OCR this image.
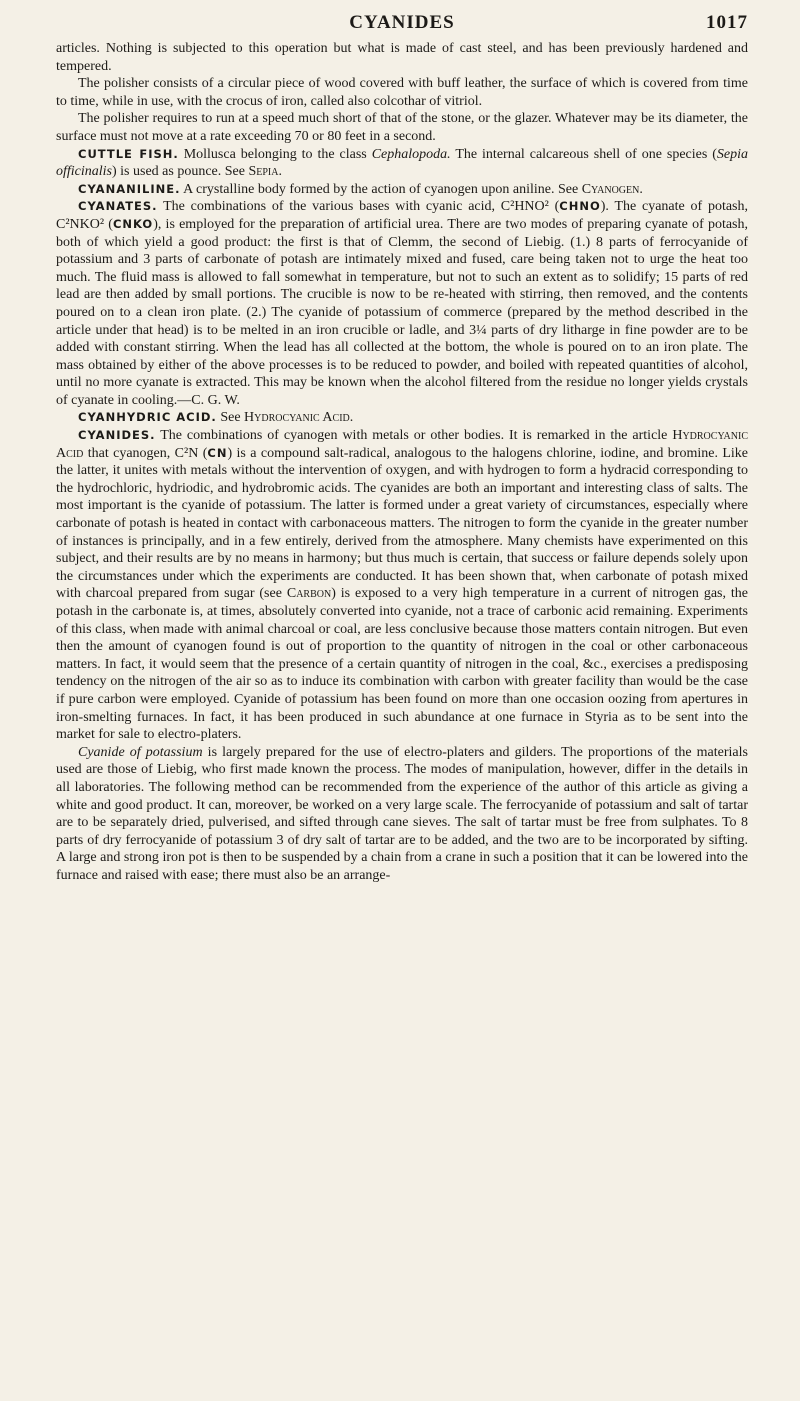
CYANIDES	1017

articles. Nothing is subjected to this operation but what is made of cast steel, and has been previously hardened and tempered.

The polisher consists of a circular piece of wood covered with buff leather, the surface of which is covered from time to time, while in use, with the crocus of iron, called also colcothar of vitriol.

The polisher requires to run at a speed much short of that of the stone, or the glazer. Whatever may be its diameter, the surface must not move at a rate exceeding 70 or 80 feet in a second.

CUTTLE FISH. Mollusca belonging to the class Cephalopoda. The internal calcareous shell of one species (Sepia officinalis) is used as pounce. See Sepia.

CYANANILINE. A crystalline body formed by the action of cyanogen upon aniline. See Cyanogen.

CYANATES. The combinations of the various bases with cyanic acid, C²HNO² (CHNO). The cyanate of potash, C²NKO² (CNKO), is employed for the preparation of artificial urea. There are two modes of preparing cyanate of potash, both of which yield a good product: the first is that of Clemm, the second of Liebig. (1.) 8 parts of ferrocyanide of potassium and 3 parts of carbonate of potash are intimately mixed and fused, care being taken not to urge the heat too much. The fluid mass is allowed to fall somewhat in temperature, but not to such an extent as to solidify; 15 parts of red lead are then added by small portions. The crucible is now to be re-heated with stirring, then removed, and the contents poured on to a clean iron plate. (2.) The cyanide of potassium of commerce (prepared by the method described in the article under that head) is to be melted in an iron crucible or ladle, and 3¼ parts of dry litharge in fine powder are to be added with constant stirring. When the lead has all collected at the bottom, the whole is poured on to an iron plate. The mass obtained by either of the above processes is to be reduced to powder, and boiled with repeated quantities of alcohol, until no more cyanate is extracted. This may be known when the alcohol filtered from the residue no longer yields crystals of cyanate in cooling.—C. G. W.

CYANHYDRIC ACID. See Hydrocyanic Acid.

CYANIDES. The combinations of cyanogen with metals or other bodies. It is remarked in the article Hydrocyanic Acid that cyanogen, C²N (CN) is a compound salt-radical, analogous to the halogens chlorine, iodine, and bromine. Like the latter, it unites with metals without the intervention of oxygen, and with hydrogen to form a hydracid corresponding to the hydrochloric, hydriodic, and hydrobromic acids. The cyanides are both an important and interesting class of salts. The most important is the cyanide of potassium. The latter is formed under a great variety of circumstances, especially where carbonate of potash is heated in contact with carbonaceous matters. The nitrogen to form the cyanide in the greater number of instances is principally, and in a few entirely, derived from the atmosphere. Many chemists have experimented on this subject, and their results are by no means in harmony; but thus much is certain, that success or failure depends solely upon the circumstances under which the experiments are conducted. It has been shown that, when carbonate of potash mixed with charcoal prepared from sugar (see Carbon) is exposed to a very high temperature in a current of nitrogen gas, the potash in the carbonate is, at times, absolutely converted into cyanide, not a trace of carbonic acid remaining. Experiments of this class, when made with animal charcoal or coal, are less conclusive because those matters contain nitrogen. But even then the amount of cyanogen found is out of proportion to the quantity of nitrogen in the coal or other carbonaceous matters. In fact, it would seem that the presence of a certain quantity of nitrogen in the coal, &c., exercises a predisposing tendency on the nitrogen of the air so as to induce its combination with carbon with greater facility than would be the case if pure carbon were employed. Cyanide of potassium has been found on more than one occasion oozing from apertures in iron-smelting furnaces. In fact, it has been produced in such abundance at one furnace in Styria as to be sent into the market for sale to electro-platers.

Cyanide of potassium is largely prepared for the use of electro-platers and gilders. The proportions of the materials used are those of Liebig, who first made known the process. The modes of manipulation, however, differ in the details in all laboratories. The following method can be recommended from the experience of the author of this article as giving a white and good product. It can, moreover, be worked on a very large scale. The ferrocyanide of potassium and salt of tartar are to be separately dried, pulverised, and sifted through cane sieves. The salt of tartar must be free from sulphates. To 8 parts of dry ferrocyanide of potassium 3 of dry salt of tartar are to be added, and the two are to be incorporated by sifting. A large and strong iron pot is then to be suspended by a chain from a crane in such a position that it can be lowered into the furnace and raised with ease; there must also be an arrange-
